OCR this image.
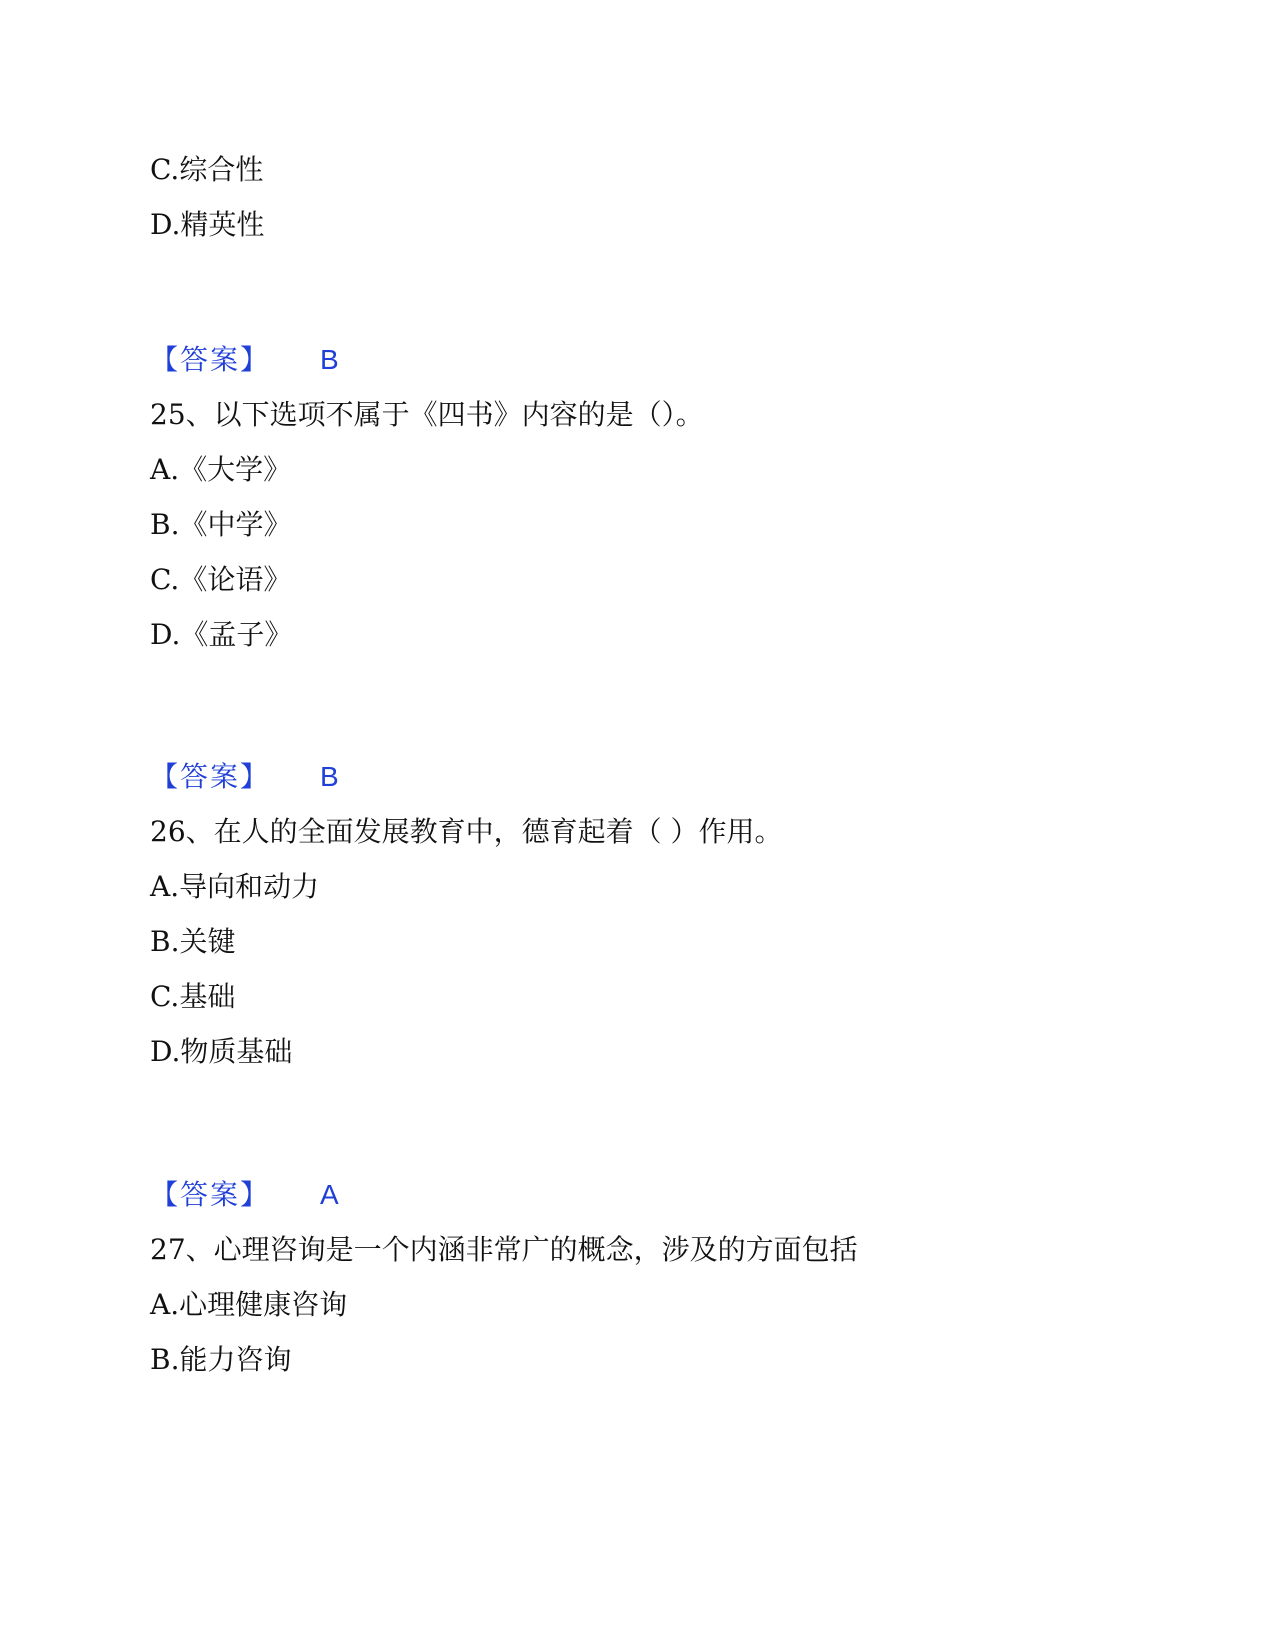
C.综合性
D.精英性
【答案】 B
25、以下选项不属于《四书》内容的是（）。
A.《大学》
B.《中学》
C.《论语》
D.《孟子》
【答案】 B
26、在人的全面发展教育中，德育起着（ ）作用。
A.导向和动力
B.关键
C.基础
D.物质基础
【答案】 A
27、心理咨询是一个内涵非常广的概念，涉及的方面包括
A.心理健康咨询
B.能力咨询
